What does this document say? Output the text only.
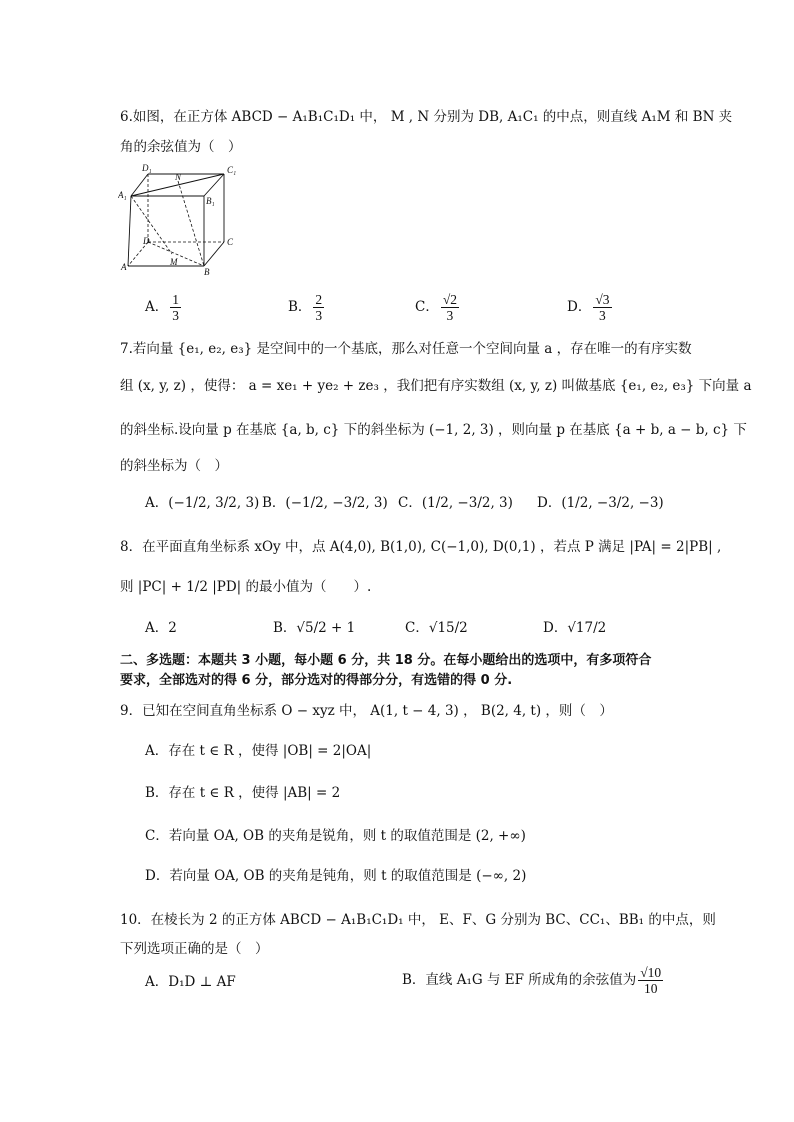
6.如图，在正方体 ABCD − A₁B₁C₁D₁ 中， M , N 分别为 DB, A₁C₁ 的中点，则直线 A₁M 和 BN 夹
角的余弦值为（　）
D₁
N
C₁
A₁
B₁
D	C
A	M
B
A． $\frac{1}{3}$	B． $\frac{2}{3}$	C． $\frac{√2}{3}$	D． $\frac{√3}{3}$
7.若向量 {e₁, e₂, e₃} 是空间中的一个基底，那么对任意一个空间向量 a ，存在唯一的有序实数
组 (x, y, z) ，使得： a = xe₁ + ye₂ + ze₃ ，我们把有序实数组 (x, y, z) 叫做基底 {e₁, e₂, e₃} 下向量 a
的斜坐标.设向量 p 在基底 {a, b, c} 下的斜坐标为 (−1, 2, 3) ，则向量 p 在基底 {a + b, a − b, c} 下
的斜坐标为（　）
A．(−1/2, 3/2, 3) B．(−1/2, −3/2, 3) C．(1/2, −3/2, 3) D．(1/2, −3/2, −3)
8．在平面直角坐标系 xOy 中，点 A(4,0), B(1,0), C(−1,0), D(0,1) ，若点 P 满足 |PA| = 2|PB| ,
则 |PC| + 1/2 |PD| 的最小值为（　　）.
A．2	B．√5/2 + 1	C．√15/2	D．√17/2
二、多选题：本题共 3 小题，每小题 6 分，共 18 分。在每小题给出的选项中，有多项符合
要求，全部选对的得 6 分，部分选对的得部分分，有选错的得 0 分.
9．已知在空间直角坐标系 O − xyz 中， A(1, t − 4, 3) ， B(2, 4, t) ，则（　）
A．存在 t ∈ R ，使得 |OB| = 2|OA|
B．存在 t ∈ R ，使得 |AB| = 2
C．若向量 OA, OB 的夹角是锐角，则 t 的取值范围是 (2, +∞)
D．若向量 OA, OB 的夹角是钝角，则 t 的取值范围是 (−∞, 2)
10．在棱长为 2 的正方体 ABCD − A₁B₁C₁D₁ 中， E、F、G 分别为 BC、CC₁、BB₁ 的中点，则
下列选项正确的是（　）
A．D₁D ⊥ AF	B．直线 A₁G 与 EF 所成角的余弦值为 $\frac{√10}{10}$
